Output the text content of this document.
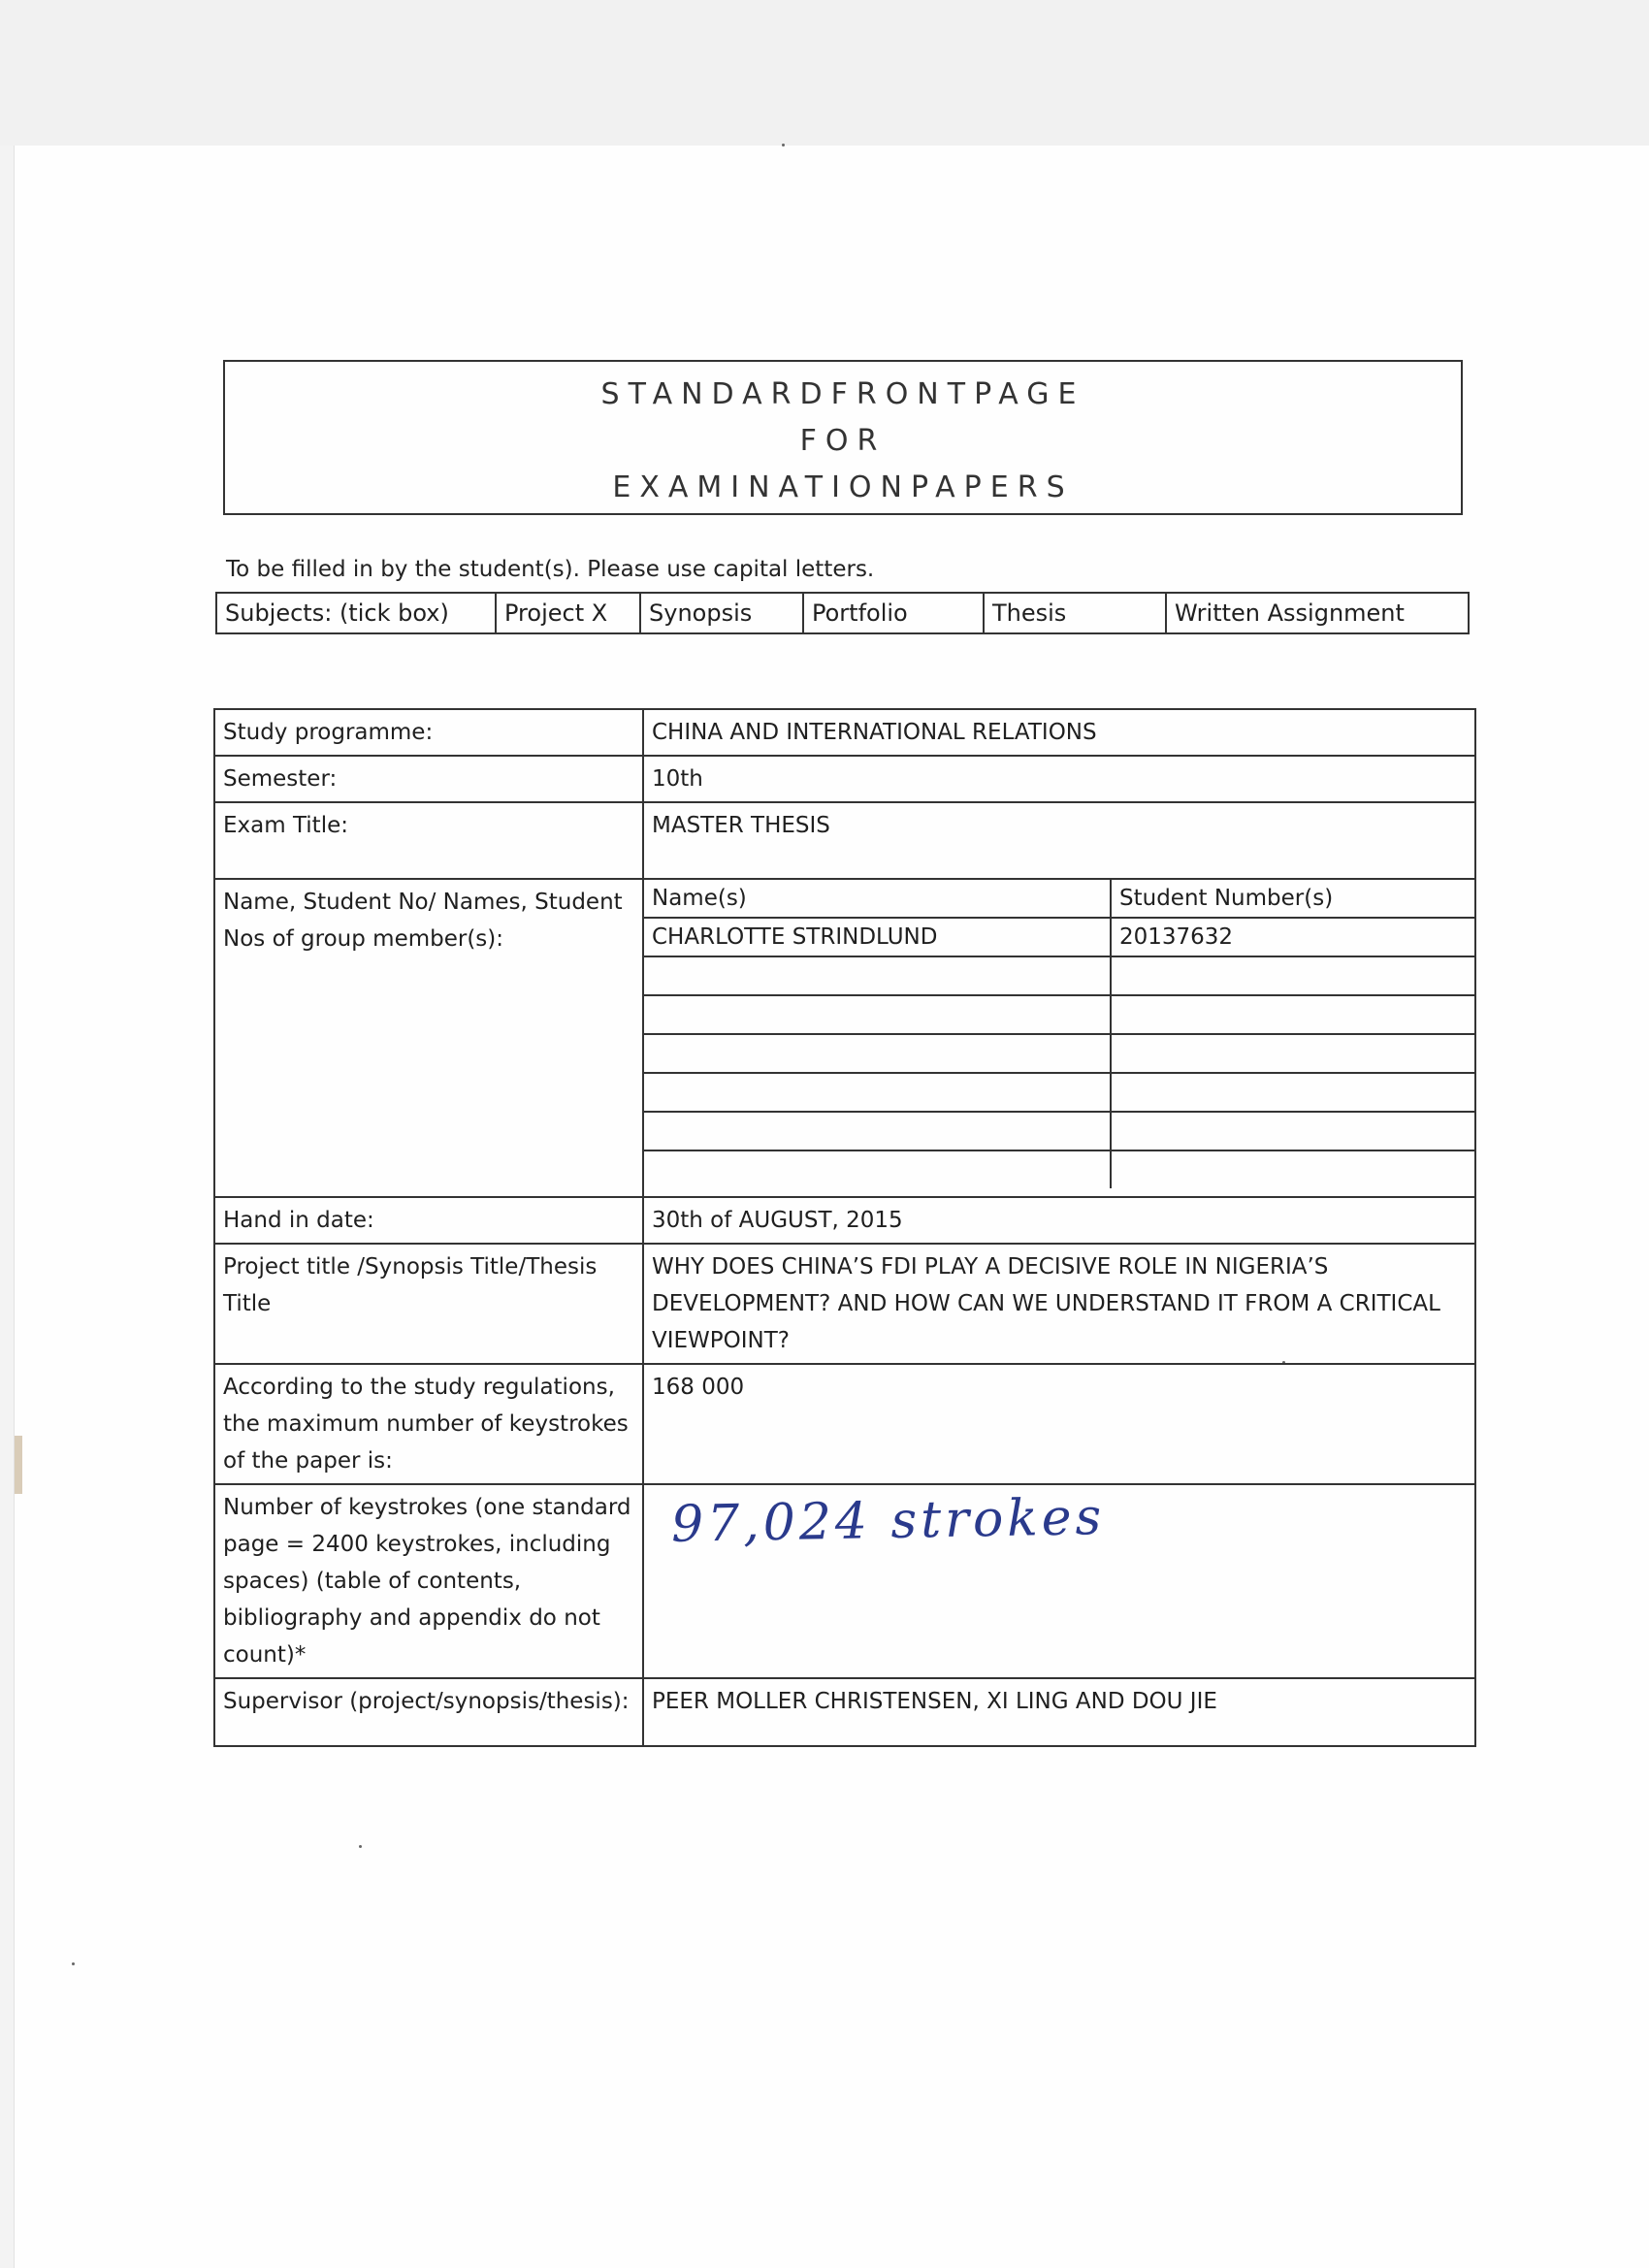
STANDARDFRONTPAGE
FOR
EXAMINATIONPAPERS
To be filled in by the student(s). Please use capital letters.
Subjects: (tick box)	Project X	Synopsis	Portfolio	Thesis	Written Assignment
Study programme:	CHINA AND INTERNATIONAL RELATIONS
Semester:	10th
Exam Title:	MASTER THESIS
Name, Student No/ Names, Student Nos of group member(s):	
Name(s)	Student Number(s)
CHARLOTTE STRINDLUND	20137632

Hand in date:	30th of AUGUST, 2015
Project title /Synopsis Title/Thesis Title	WHY DOES CHINA’S FDI PLAY A DECISIVE ROLE IN NIGERIA’S DEVELOPMENT? AND HOW CAN WE UNDERSTAND IT FROM A CRITICAL VIEWPOINT?
According to the study regulations, the maximum number of keystrokes of the paper is:	168 000
Number of keystrokes (one standard page = 2400 keystrokes, including spaces) (table of contents, bibliography and appendix do not count)*	97,024 strokes
Supervisor (project/synopsis/thesis):	PEER MOLLER CHRISTENSEN, XI LING AND DOU JIE
